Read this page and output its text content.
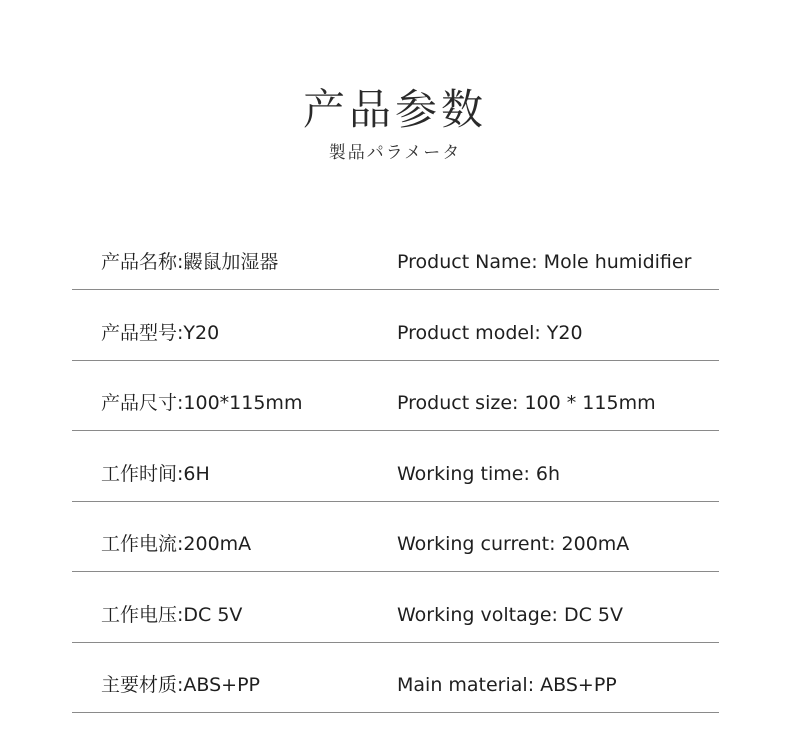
产品参数
製品パラメータ
产品名称:鼹鼠加湿器	Product Name: Mole humidifier
产品型号:Y20	Product model: Y20
产品尺寸:100*115mm	Product size: 100 * 115mm
工作时间:6H	Working time: 6h
工作电流:200mA	Working current: 200mA
工作电压:DC 5V	Working voltage: DC 5V
主要材质:ABS+PP	Main material: ABS+PP
